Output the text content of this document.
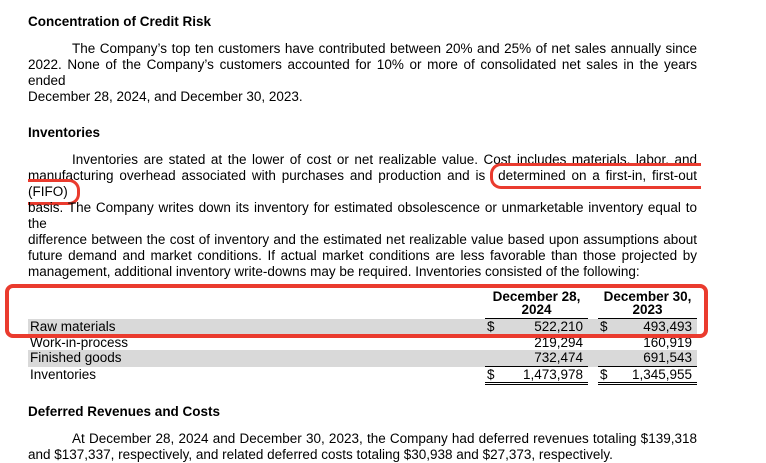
Concentration of Credit Risk
The Company’s top ten customers have contributed between 20% and 25% of net sales annually since
2022. None of the Company’s customers accounted for 10% or more of consolidated net sales in the years ended
December 28, 2024, and December 30, 2023.
Inventories
Inventories are stated at the lower of cost or net realizable value. Cost includes materials, labor, and
manufacturing overhead associated with purchases and production and is determined on a first-in, first-out (FIFO)
basis. The Company writes down its inventory for estimated obsolescence or unmarketable inventory equal to the
difference between the cost of inventory and the estimated net realizable value based upon assumptions about
future demand and market conditions. If actual market conditions are less favorable than those projected by
management, additional inventory write-downs may be required. Inventories consisted of the following:
December 28,
2024
December 30,
2023
Raw materials	$	522,210 $	493,493
Work-in-process	219,294	160,919
Finished goods	732,474	691,543
Inventories	$ 1,473,978 $ 1,345,955
Deferred Revenues and Costs
At December 28, 2024 and December 30, 2023, the Company had deferred revenues totaling $139,318
and $137,337, respectively, and related deferred costs totaling $30,938 and $27,373, respectively.
